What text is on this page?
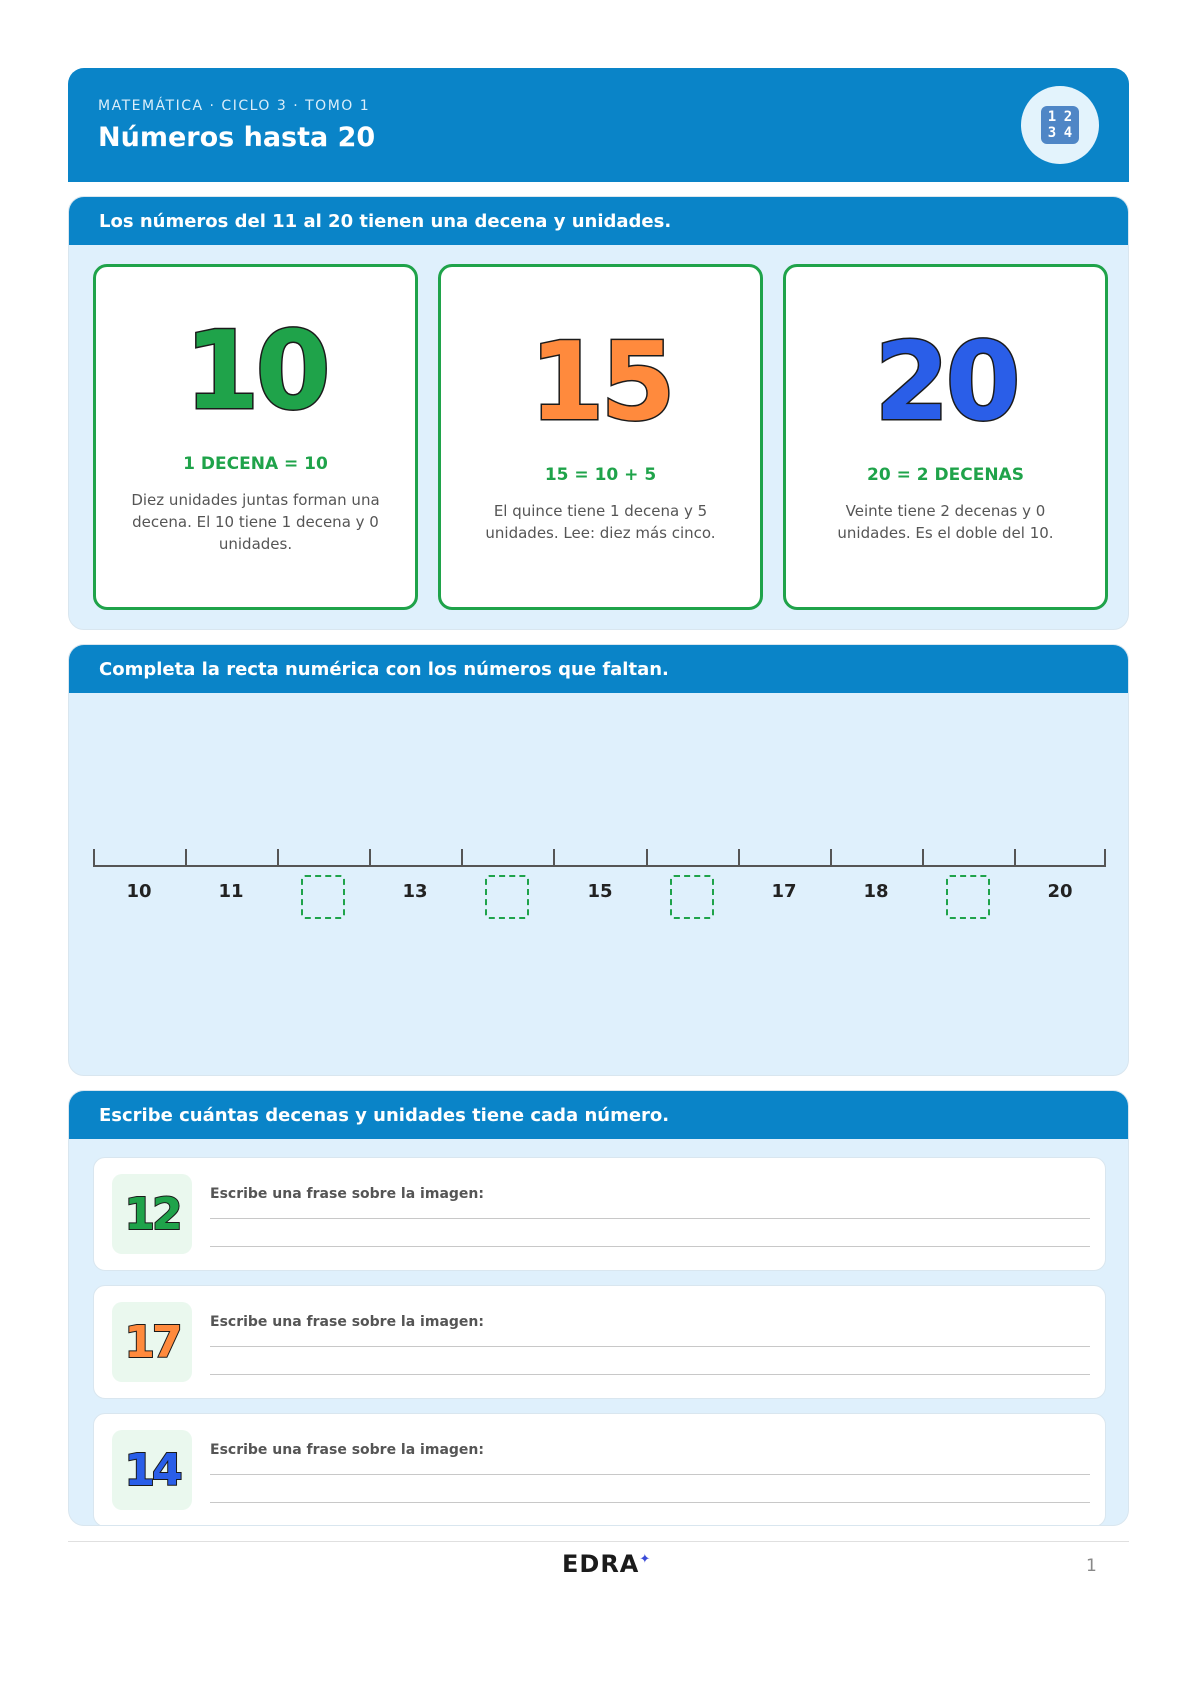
MATEMÁTICA · CICLO 3 · TOMO 1
Números hasta 20
1 2
3 4
Los números del 11 al 20 tienen una decena y unidades.
10
1 DECENA = 10
Diez unidades juntas forman una decena. El 10 tiene 1 decena y 0 unidades.
15
15 = 10 + 5
El quince tiene 1 decena y 5 unidades. Lee: diez más cinco.
20
20 = 2 DECENAS
Veinte tiene 2 decenas y 0 unidades. Es el doble del 10.
Completa la recta numérica con los números que faltan.
10	11	13	15	17	18	20
Escribe cuántas decenas y unidades tiene cada número.
12 Escribe una frase sobre la imagen:
17 Escribe una frase sobre la imagen:
14 Escribe una frase sobre la imagen:
EDRA✦	1
